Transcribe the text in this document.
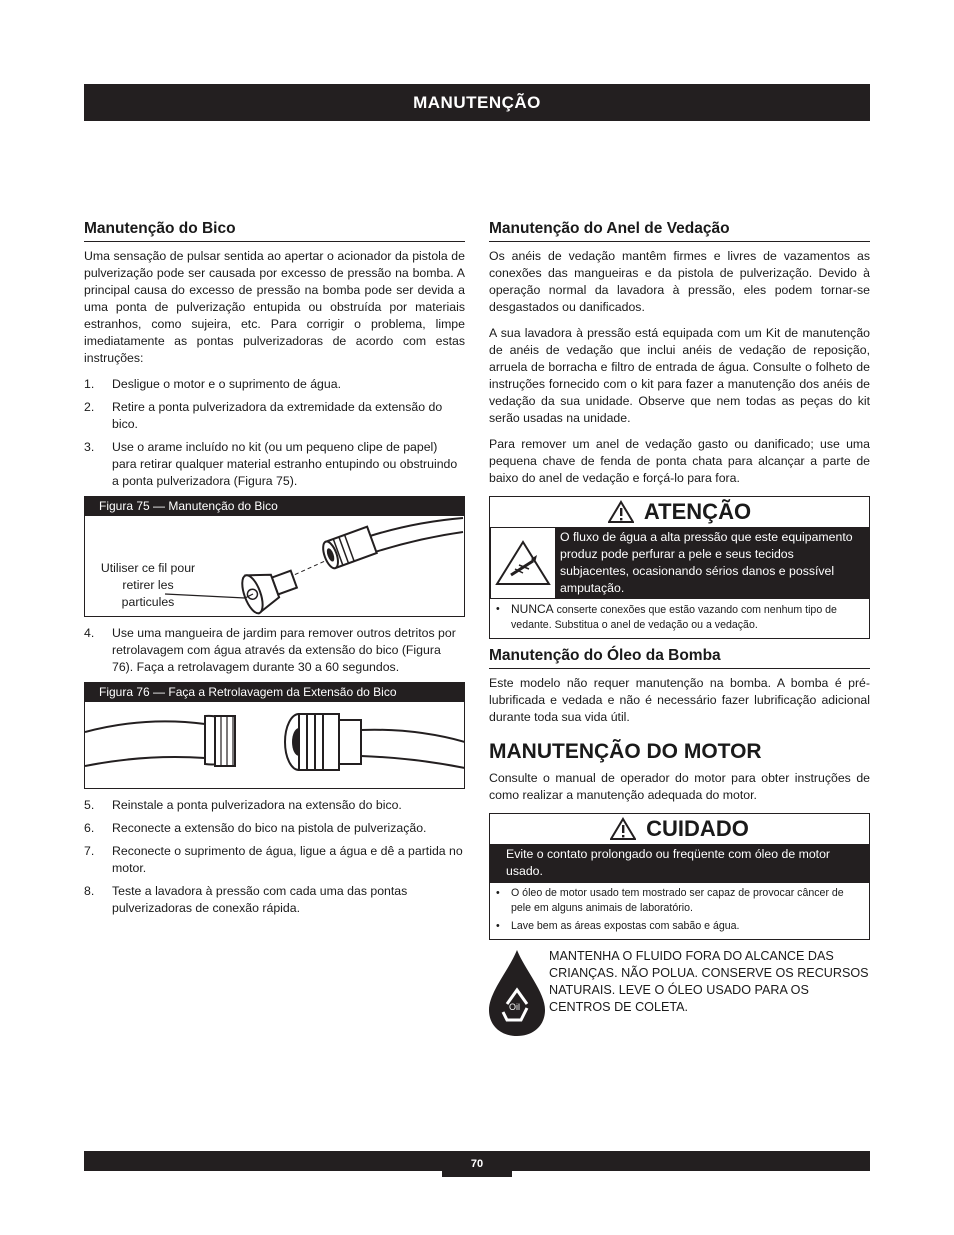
MANUTENÇÃO
Manutenção do Bico

Uma sensação de pulsar sentida ao apertar o acionador da pistola de pulverização pode ser causada por excesso de pressão na bomba. A principal causa do excesso de pressão na bomba pode ser devida a uma ponta de pulverização entupida ou obstruída por materiais estranhos, como sujeira, etc. Para corrigir o problema, limpe imediatamente as pontas pulverizadoras de acordo com estas instruções:

1.	Desligue o motor e o suprimento de água.
2.	Retire a ponta pulverizadora da extremidade da extensão do bico.
3.	Use o arame incluído no kit (ou um pequeno clipe de papel) para retirar qualquer material estranho entupindo ou obstruindo a ponta pulverizadora (Figura 75).
Figura 75 — Manutenção do Bico
Utiliser ce fil pour
retirer les
particules
4.	Use uma mangueira de jardim para remover outros detritos por retrolavagem com água através da extensão do bico (Figura 76). Faça a retrolavagem durante 30 a 60 segundos.
Figura 76 — Faça a Retrolavagem da Extensão do Bico
5.	Reinstale a ponta pulverizadora na extensão do bico.
6.	Reconecte a extensão do bico na pistola de pulverização.
7.	Reconecte o suprimento de água, ligue a água e dê a partida no motor.
8.	Teste a lavadora à pressão com cada uma das pontas pulverizadoras de conexão rápida.
Manutenção do Anel de Vedação

Os anéis de vedação mantêm firmes e livres de vazamentos as conexões das mangueiras e da pistola de pulverização. Devido à operação normal da lavadora à pressão, eles podem tornar-se desgastados ou danificados.

A sua lavadora à pressão está equipada com um Kit de manutenção de anéis de vedação que inclui anéis de vedação de reposição, arruela de borracha e filtro de entrada de água. Consulte o folheto de instruções fornecido com o kit para fazer a manutenção dos anéis de vedação da sua unidade. Observe que nem todas as peças do kit serão usadas na unidade.

Para remover um anel de vedação gasto ou danificado; use uma pequena chave de fenda de ponta chata para alcançar a parte de baixo do anel de vedação e forçá-lo para fora.

ATENÇÃO
O fluxo de água a alta pressão que este equipamento produz pode perfurar a pele e seus tecidos subjacentes, ocasionando sérios danos e possível amputação.
• NUNCA conserte conexões que estão vazando com nenhum tipo de vedante. Substitua o anel de vedação ou a vedação.
Manutenção do Óleo da Bomba

Este modelo não requer manutenção na bomba. A bomba é pré-lubrificada e vedada e não é necessário fazer lubrificação adicional durante toda sua vida útil.

MANUTENÇÃO DO MOTOR

Consulte o manual de operador do motor para obter instruções de como realizar a manutenção adequada do motor.

CUIDADO
Evite o contato prolongado ou freqüente com óleo de motor usado.
•	O óleo de motor usado tem mostrado ser capaz de provocar câncer de pele em alguns animais de laboratório.
•	Lave bem as áreas expostas com sabão e água.
Oil
MANTENHA O FLUIDO FORA DO ALCANCE DAS CRIANÇAS. NÃO POLUA. CONSERVE OS RECURSOS NATURAIS. LEVE O ÓLEO USADO PARA OS CENTROS DE COLETA.
70
